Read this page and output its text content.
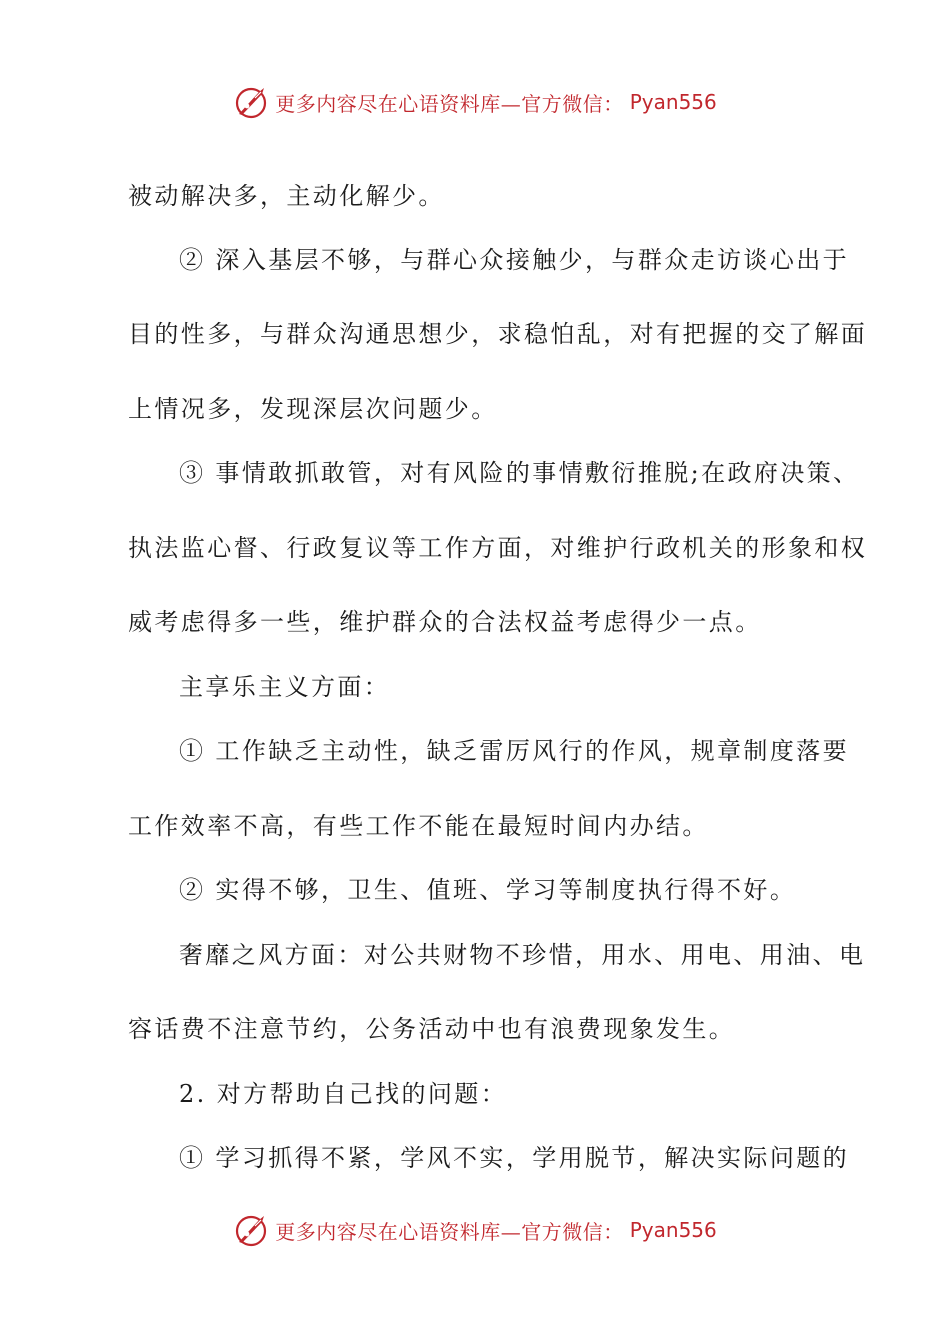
更多内容尽在心语资料库—官方微信： Pyan556
被动解决多，主动化解少。
② 深入基层不够，与群心众接触少，与群众走访谈心出于
目的性多，与群众沟通思想少，求稳怕乱，对有把握的交了解面
上情况多，发现深层次问题少。
③ 事情敢抓敢管，对有风险的事情敷衍推脱;在政府决策、
执法监心督、行政复议等工作方面，对维护行政机关的形象和权
威考虑得多一些，维护群众的合法权益考虑得少一点。
主享乐主义方面：
① 工作缺乏主动性，缺乏雷厉风行的作风，规章制度落要
工作效率不高，有些工作不能在最短时间内办结。
② 实得不够，卫生、值班、学习等制度执行得不好。
奢靡之风方面：对公共财物不珍惜，用水、用电、用油、电
容话费不注意节约，公务活动中也有浪费现象发生。
2. 对方帮助自己找的问题：
① 学习抓得不紧，学风不实，学用脱节，解决实际问题的
更多内容尽在心语资料库—官方微信： Pyan556
